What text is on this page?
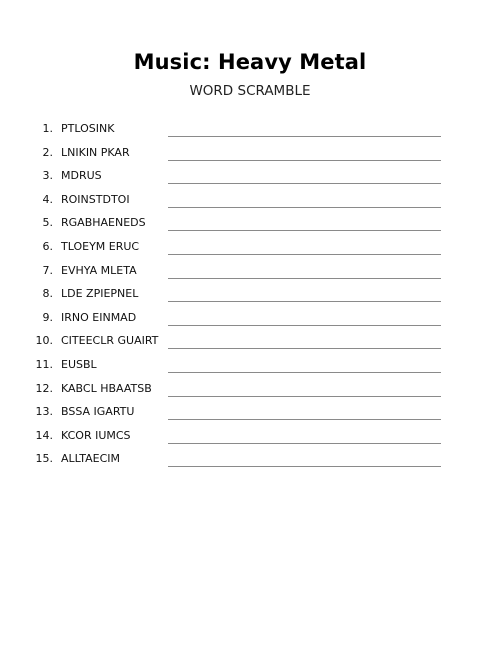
Music: Heavy Metal
WORD SCRAMBLE
1. PTLOSINK
2. LNIKIN PKAR
3. MDRUS
4. ROINSTDTOI
5. RGABHAENEDS
6. TLOEYM ERUC
7. EVHYA MLETA
8. LDE ZPIEPNEL
9. IRNO EINMAD
10. CITEECLR GUAIRT
11. EUSBL
12. KABCL HBAATSB
13. BSSA IGARTU
14. KCOR IUMCS
15. ALLTAECIM
